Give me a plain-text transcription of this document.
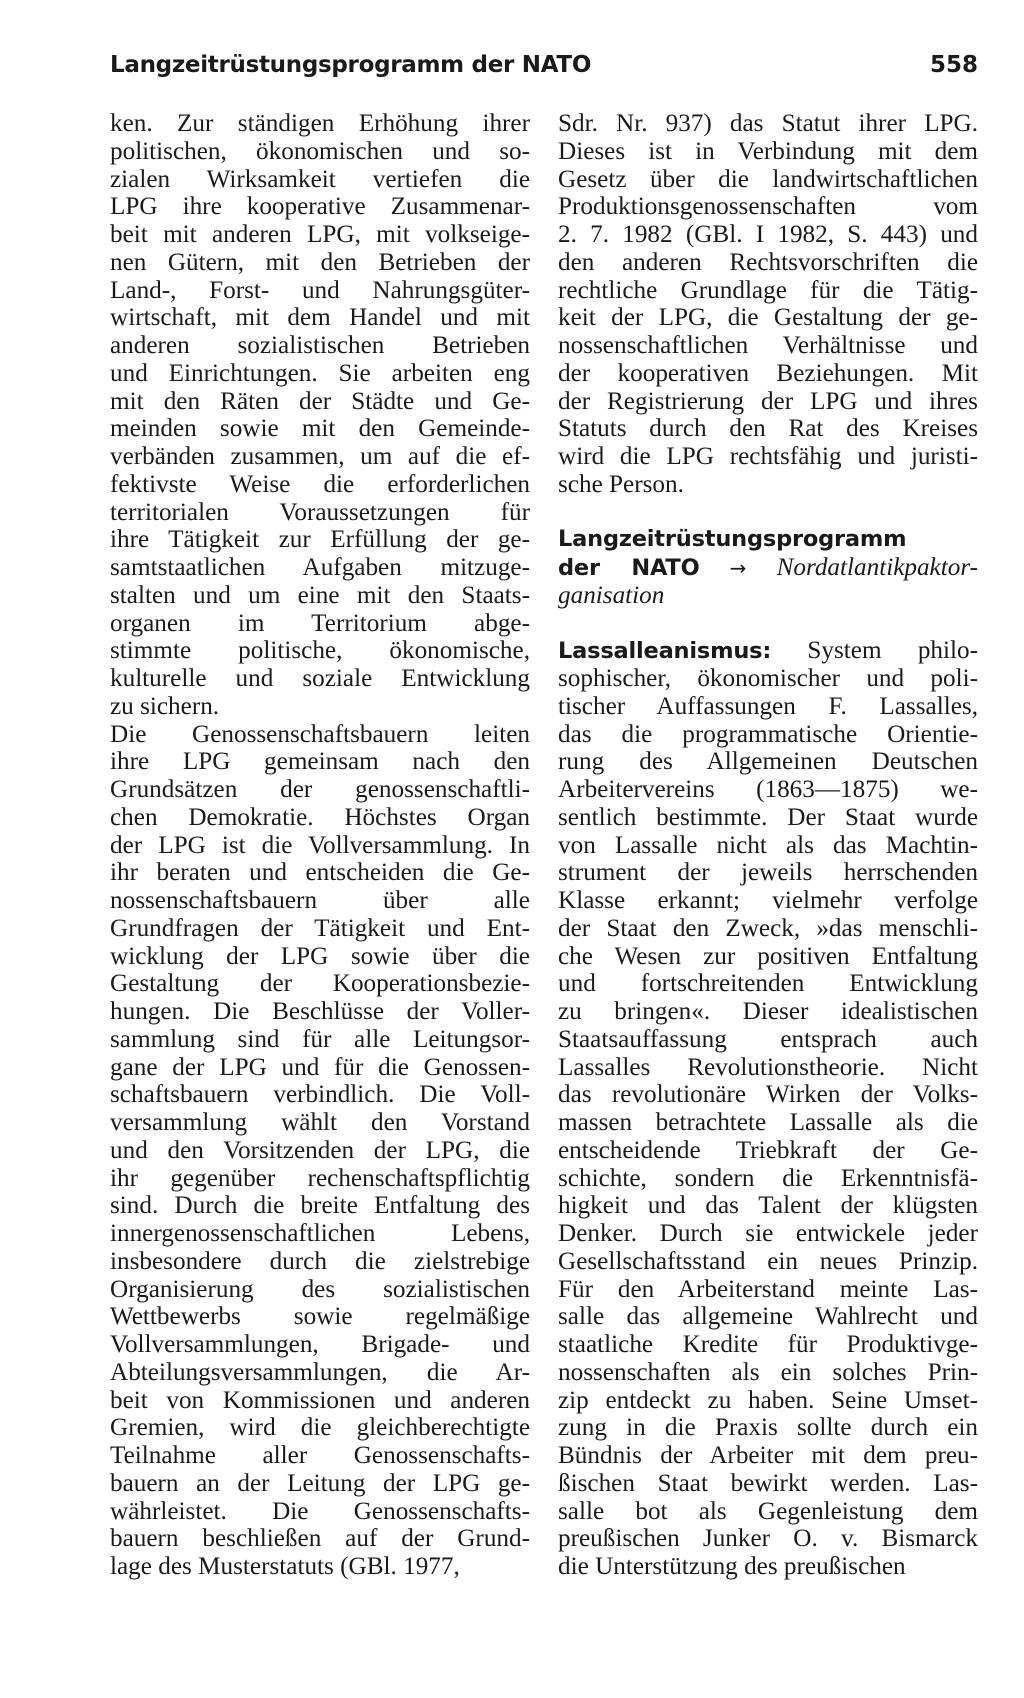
Langzeitrüstungsprogramm der NATO	558
ken. Zur ständigen Erhöhung ihrer
politischen, ökonomischen und so-
zialen Wirksamkeit vertiefen die
LPG ihre kooperative Zusammenar-
beit mit anderen LPG, mit volkseige-
nen Gütern, mit den Betrieben der
Land-, Forst- und Nahrungsgüter-
wirtschaft, mit dem Handel und mit
anderen sozialistischen Betrieben
und Einrichtungen. Sie arbeiten eng
mit den Räten der Städte und Ge-
meinden sowie mit den Gemeinde-
verbänden zusammen, um auf die ef-
fektivste Weise die erforderlichen
territorialen Voraussetzungen für
ihre Tätigkeit zur Erfüllung der ge-
samtstaatlichen Aufgaben mitzuge-
stalten und um eine mit den Staats-
organen im Territorium abge-
stimmte politische, ökonomische,
kulturelle und soziale Entwicklung
zu sichern.
Die Genossenschaftsbauern leiten
ihre LPG gemeinsam nach den
Grundsätzen der genossenschaftli-
chen Demokratie. Höchstes Organ
der LPG ist die Vollversammlung. In
ihr beraten und entscheiden die Ge-
nossenschaftsbauern über alle
Grundfragen der Tätigkeit und Ent-
wicklung der LPG sowie über die
Gestaltung der Kooperationsbezie-
hungen. Die Beschlüsse der Voller-
sammlung sind für alle Leitungsor-
gane der LPG und für die Genossen-
schaftsbauern verbindlich. Die Voll-
versammlung wählt den Vorstand
und den Vorsitzenden der LPG, die
ihr gegenüber rechenschaftspflichtig
sind. Durch die breite Entfaltung des
innergenossenschaftlichen Lebens,
insbesondere durch die zielstrebige
Organisierung des sozialistischen
Wettbewerbs sowie regelmäßige
Vollversammlungen, Brigade- und
Abteilungsversammlungen, die Ar-
beit von Kommissionen und anderen
Gremien, wird die gleichberechtigte
Teilnahme aller Genossenschafts-
bauern an der Leitung der LPG ge-
währleistet. Die Genossenschafts-
bauern beschließen auf der Grund-
lage des Musterstatuts (GBl. 1977,
Sdr. Nr. 937) das Statut ihrer LPG.
Dieses ist in Verbindung mit dem
Gesetz über die landwirtschaftlichen
Produktionsgenossenschaften vom
2. 7. 1982 (GBl. I 1982, S. 443) und
den anderen Rechtsvorschriften die
rechtliche Grundlage für die Tätig-
keit der LPG, die Gestaltung der ge-
nossenschaftlichen Verhältnisse und
der kooperativen Beziehungen. Mit
der Registrierung der LPG und ihres
Statuts durch den Rat des Kreises
wird die LPG rechtsfähig und juristi-
sche Person.
Langzeitrüstungsprogramm
der NATO → Nordatlantikpaktor-
ganisation
Lassalleanismus: System philo-
sophischer, ökonomischer und poli-
tischer Auffassungen F. Lassalles,
das die programmatische Orientie-
rung des Allgemeinen Deutschen
Arbeitervereins (1863—1875) we-
sentlich bestimmte. Der Staat wurde
von Lassalle nicht als das Machtin-
strument der jeweils herrschenden
Klasse erkannt; vielmehr verfolge
der Staat den Zweck, »das menschli-
che Wesen zur positiven Entfaltung
und fortschreitenden Entwicklung
zu bringen«. Dieser idealistischen
Staatsauffassung entsprach auch
Lassalles Revolutionstheorie. Nicht
das revolutionäre Wirken der Volks-
massen betrachtete Lassalle als die
entscheidende Triebkraft der Ge-
schichte, sondern die Erkenntnisfä-
higkeit und das Talent der klügsten
Denker. Durch sie entwickele jeder
Gesellschaftsstand ein neues Prinzip.
Für den Arbeiterstand meinte Las-
salle das allgemeine Wahlrecht und
staatliche Kredite für Produktivge-
nossenschaften als ein solches Prin-
zip entdeckt zu haben. Seine Umset-
zung in die Praxis sollte durch ein
Bündnis der Arbeiter mit dem preu-
ßischen Staat bewirkt werden. Las-
salle bot als Gegenleistung dem
preußischen Junker O. v. Bismarck
die Unterstützung des preußischen
